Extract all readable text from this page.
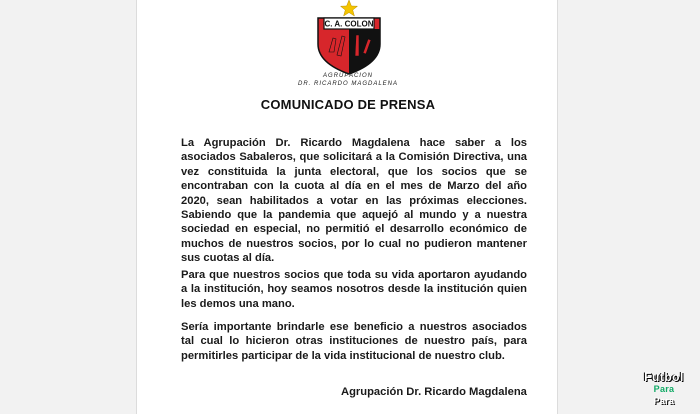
C. A. COLON
AGRUPACION
DR. RICARDO MAGDALENA
COMUNICADO DE PRENSA

La Agrupación Dr. Ricardo Magdalena hace saber a los asociados Sabaleros, que solicitará a la Comisión Directiva, una vez constituida la junta electoral, que los socios que se encontraban con la cuota al día en el mes de Marzo del año 2020, sean habilitados a votar en las próximas elecciones. Sabiendo que la pandemia que aquejó al mundo y a nuestra sociedad en especial, no permitió el desarrollo económico de muchos de nuestros socios, por lo cual no pudieron mantener sus cuotas al día.

Para que nuestros socios que toda su vida aportaron ayudando a la institución, hoy seamos nosotros desde la institución quien les demos una mano.

Sería importante brindarle ese beneficio a nuestros asociados tal cual lo hicieron otras instituciones de nuestro país, para permitirles participar de la vida institucional de nuestro club.

Agrupación Dr. Ricardo Magdalena
Futbol
Para
Para
